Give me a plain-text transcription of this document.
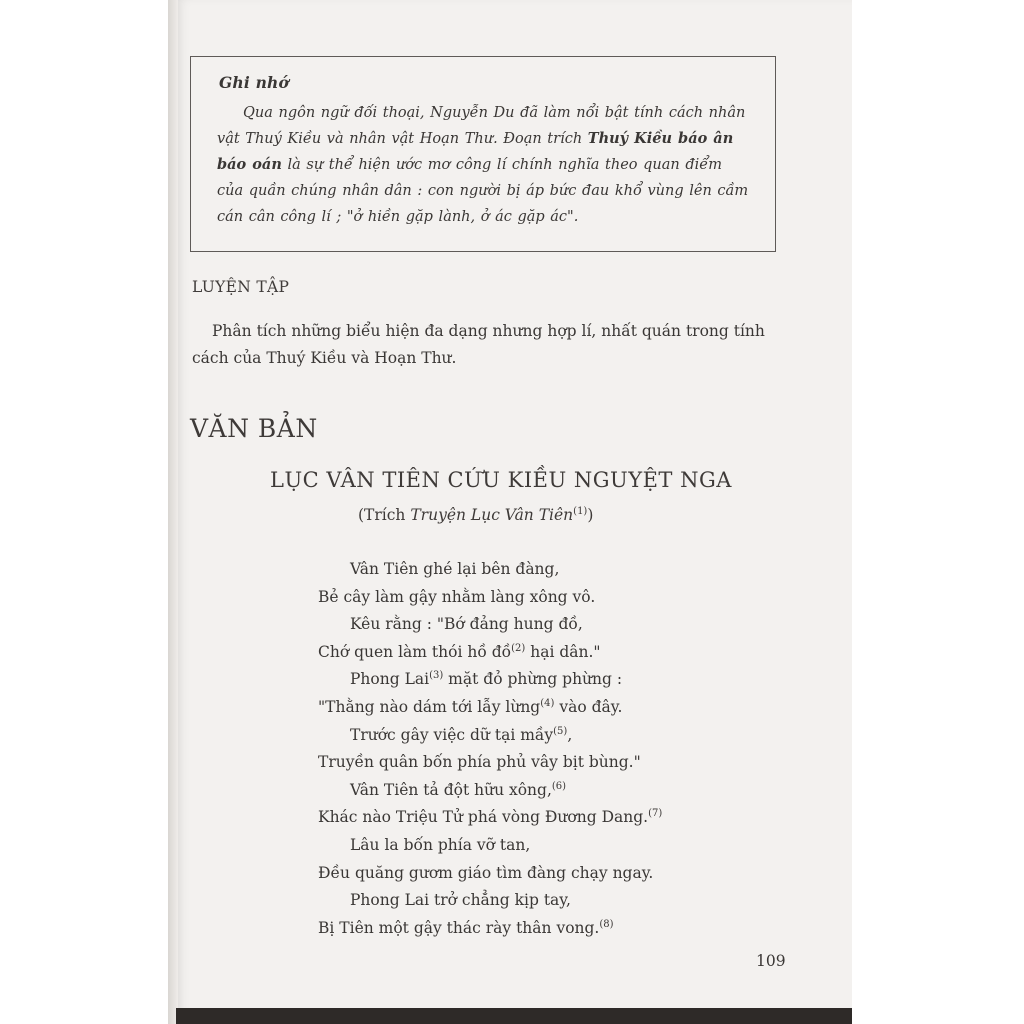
Ghi nhớ

Qua ngôn ngữ đối thoại, Nguyễn Du đã làm nổi bật tính cách nhân vật Thuý Kiều và nhân vật Hoạn Thư. Đoạn trích Thuý Kiều báo ân báo oán là sự thể hiện ước mơ công lí chính nghĩa theo quan điểm của quần chúng nhân dân : con người bị áp bức đau khổ vùng lên cầm cán cân công lí ; "ở hiền gặp lành, ở ác gặp ác".

LUYỆN TẬP

Phân tích những biểu hiện đa dạng nhưng hợp lí, nhất quán trong tính cách của Thuý Kiều và Hoạn Thư.

VĂN BẢN
LỤC VÂN TIÊN CỨU KIỀU NGUYỆT NGA
(Trích Truyện Lục Vân Tiên$^{(1)}$)
Vân Tiên ghé lại bên đàng,
Bẻ cây làm gậy nhằm làng xông vô.
Kêu rằng : "Bớ đảng hung đồ,
Chớ quen làm thói hồ đồ$^{(2)}$ hại dân."
Phong Lai$^{(3)}$ mặt đỏ phừng phừng :
"Thằng nào dám tới lẫy lừng$^{(4)}$ vào đây.
Trước gây việc dữ tại mầy$^{(5)}$,
Truyền quân bốn phía phủ vây bịt bùng."
Vân Tiên tả đột hữu xông,$^{(6)}$
Khác nào Triệu Tử phá vòng Đương Dang.$^{(7)}$
Lâu la bốn phía vỡ tan,
Đều quăng gươm giáo tìm đàng chạy ngay.
Phong Lai trở chẳng kịp tay,
Bị Tiên một gậy thác rày thân vong.$^{(8)}$
109
